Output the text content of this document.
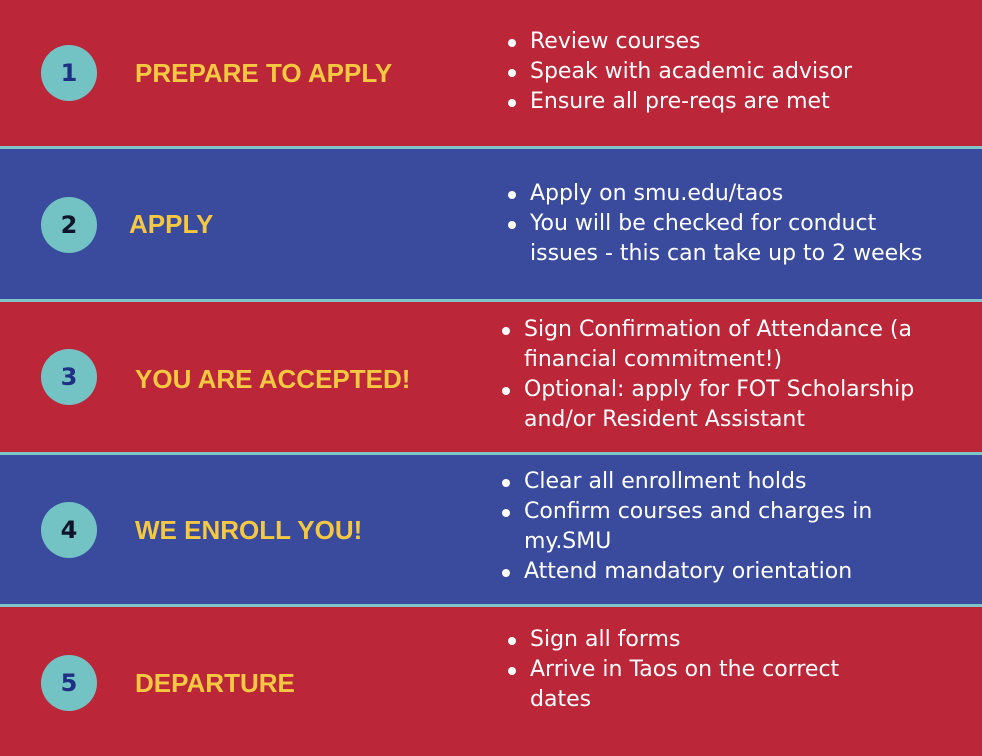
1	PREPARE TO APPLY
Review courses
Speak with academic advisor
Ensure all pre-reqs are met
2	APPLY
Apply on smu.edu/taos
You will be checked for conduct issues - this can take up to 2 weeks
3	YOU ARE ACCEPTED!
Sign Confirmation of Attendance (a financial commitment!)
Optional: apply for FOT Scholarship and/or Resident Assistant
4	WE ENROLL YOU!
Clear all enrollment holds
Confirm courses and charges in my.SMU
Attend mandatory orientation
5	DEPARTURE
Sign all forms
Arrive in Taos on the correct dates
